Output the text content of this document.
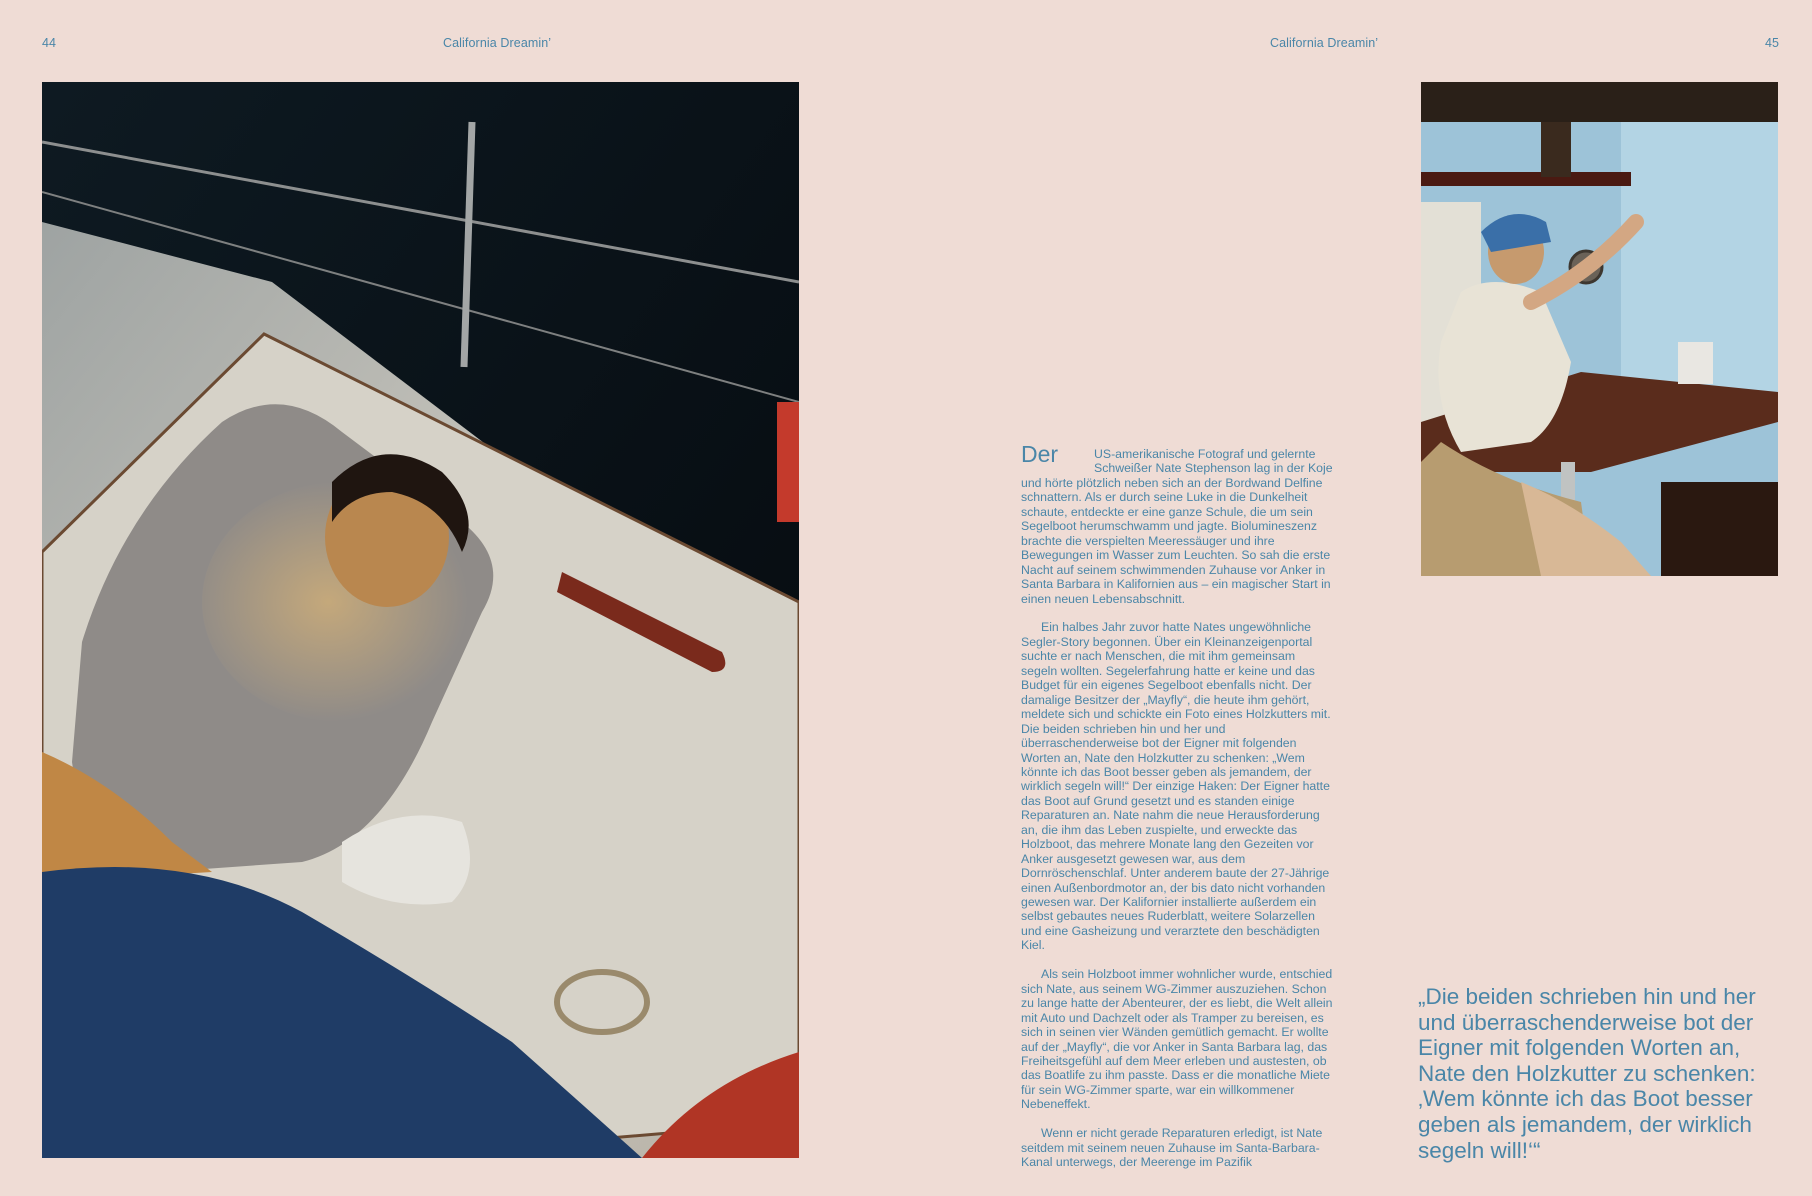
44	California Dreamin’	California Dreamin’	45

Der	US-amerikanische Fotograf und gelernte Schweißer Nate Stephenson lag in der Koje und hörte plötzlich neben sich an der Bordwand Delfine schnattern. Als er durch seine Luke in die Dunkelheit schaute, entdeckte er eine ganze Schule, die um sein Segelboot herumschwamm und jagte. Biolumineszenz brachte die verspielten Meeressäuger und ihre Bewegungen im Wasser zum Leuchten. So sah die erste Nacht auf seinem schwimmenden Zuhause vor Anker in Santa Barbara in Kalifornien aus – ein magischer Start in einen neuen Lebensabschnitt.

Ein halbes Jahr zuvor hatte Nates ungewöhnliche Segler-Story begonnen. Über ein Kleinanzeigenportal suchte er nach Menschen, die mit ihm gemeinsam segeln wollten. Segelerfahrung hatte er keine und das Budget für ein eigenes Segelboot ebenfalls nicht. Der damalige Besitzer der „Mayfly“, die heute ihm gehört, meldete sich und schickte ein Foto eines Holzkutters mit. Die beiden schrieben hin und her und überraschenderweise bot der Eigner mit folgenden Worten an, Nate den Holzkutter zu schenken: „Wem könnte ich das Boot besser geben als jemandem, der wirklich segeln will!“ Der einzige Haken: Der Eigner hatte das Boot auf Grund gesetzt und es standen einige Reparaturen an. Nate nahm die neue Herausforderung an, die ihm das Leben zuspielte, und erweckte das Holzboot, das mehrere Monate lang den Gezeiten vor Anker ausgesetzt gewesen war, aus dem Dornröschenschlaf. Unter anderem baute der 27-Jährige einen Außenbordmotor an, der bis dato nicht vorhanden gewesen war. Der Kalifornier installierte außerdem ein selbst gebautes neues Ruderblatt, weitere Solarzellen und eine Gasheizung und verarztete den beschädigten Kiel.

Als sein Holzboot immer wohnlicher wurde, entschied sich Nate, aus seinem WG-Zimmer auszuziehen. Schon zu lange hatte der Abenteurer, der es liebt, die Welt allein mit Auto und Dachzelt oder als Tramper zu bereisen, es sich in seinen vier Wänden gemütlich gemacht. Er wollte auf der „Mayfly“, die vor Anker in Santa Barbara lag, das Freiheitsgefühl auf dem Meer erleben und austesten, ob das Boatlife zu ihm passte. Dass er die monatliche Miete für sein WG-Zimmer sparte, war ein willkommener Nebeneffekt.

Wenn er nicht gerade Reparaturen erledigt, ist Nate seitdem mit seinem neuen Zuhause im Santa-Barbara-Kanal unterwegs, der Meerenge im Pazifik

„Die beiden schrieben hin und her und überraschenderweise bot der Eigner mit folgenden Worten an, Nate den Holzkutter zu schenken: ‚Wem könnte ich das Boot besser geben als jemandem, der wirklich segeln will!‘“
